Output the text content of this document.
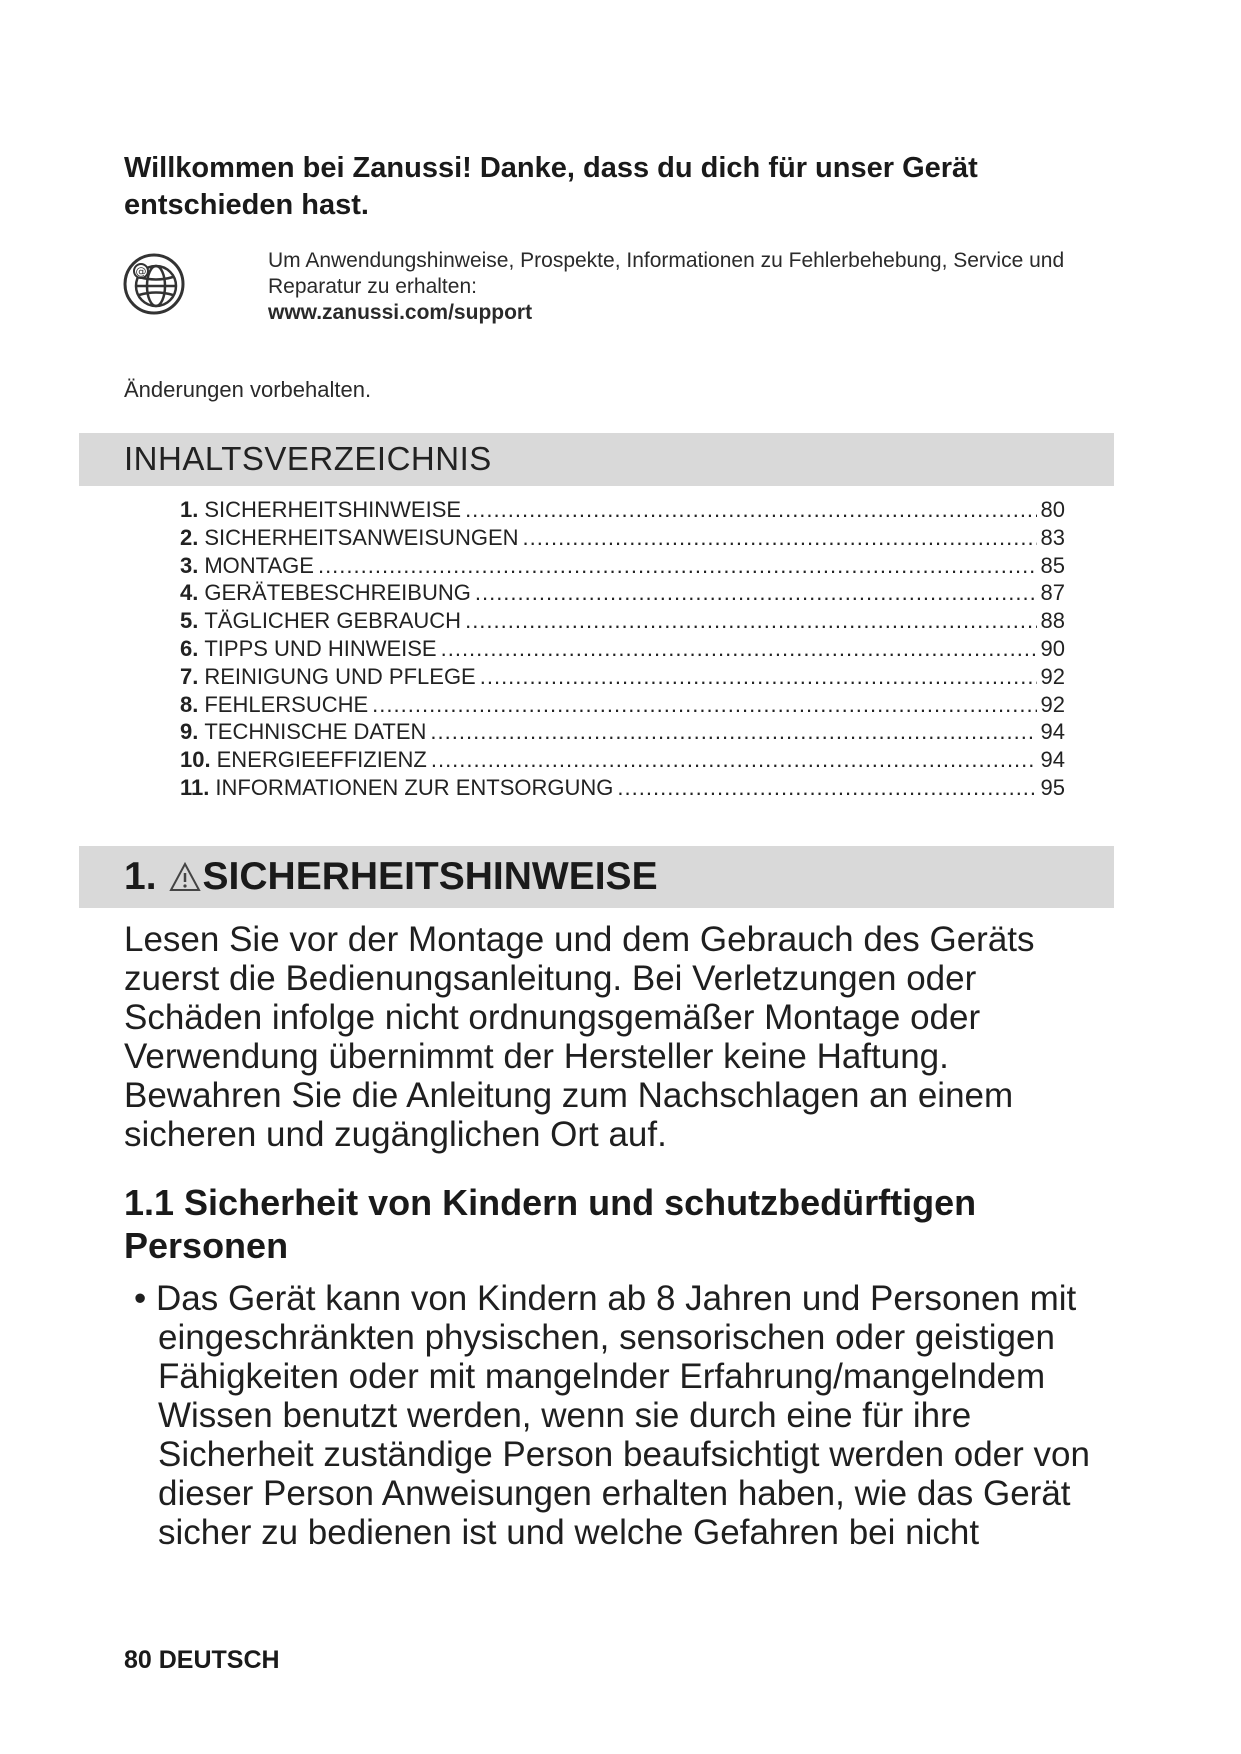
Willkommen bei Zanussi! Danke, dass du dich für unser Gerät entschieden hast.
@	Um Anwendungshinweise, Prospekte, Informationen zu Fehlerbehebung, Service und Reparatur zu erhalten:
www.zanussi.com/support
Änderungen vorbehalten.
INHALTSVERZEICHNIS
1. SICHERHEITSHINWEISE .....	80
2. SICHERHEITSANWEISUNGEN .....	83
3. MONTAGE .....	85
4. GERÄTEBESCHREIBUNG .....	87
5. TÄGLICHER GEBRAUCH .....	88
6. TIPPS UND HINWEISE .....	90
7. REINIGUNG UND PFLEGE .....	92
8. FEHLERSUCHE .....	92
9. TECHNISCHE DATEN .....	94
10. ENERGIEEFFIZIENZ .....	94
11. INFORMATIONEN ZUR ENTSORGUNG .....	95
1. SICHERHEITSHINWEISE
Lesen Sie vor der Montage und dem Gebrauch des Geräts zuerst die Bedienungsanleitung. Bei Verletzungen oder Schäden infolge nicht ordnungsgemäßer Montage oder Verwendung übernimmt der Hersteller keine Haftung. Bewahren Sie die Anleitung zum Nachschlagen an einem sicheren und zugänglichen Ort auf.
1.1 Sicherheit von Kindern und schutzbedürftigen Personen
• Das Gerät kann von Kindern ab 8 Jahren und Personen mit eingeschränkten physischen, sensorischen oder geistigen Fähigkeiten oder mit mangelnder Erfahrung/mangelndem Wissen benutzt werden, wenn sie durch eine für ihre Sicherheit zuständige Person beaufsichtigt werden oder von dieser Person Anweisungen erhalten haben, wie das Gerät sicher zu bedienen ist und welche Gefahren bei nicht
80 DEUTSCH
